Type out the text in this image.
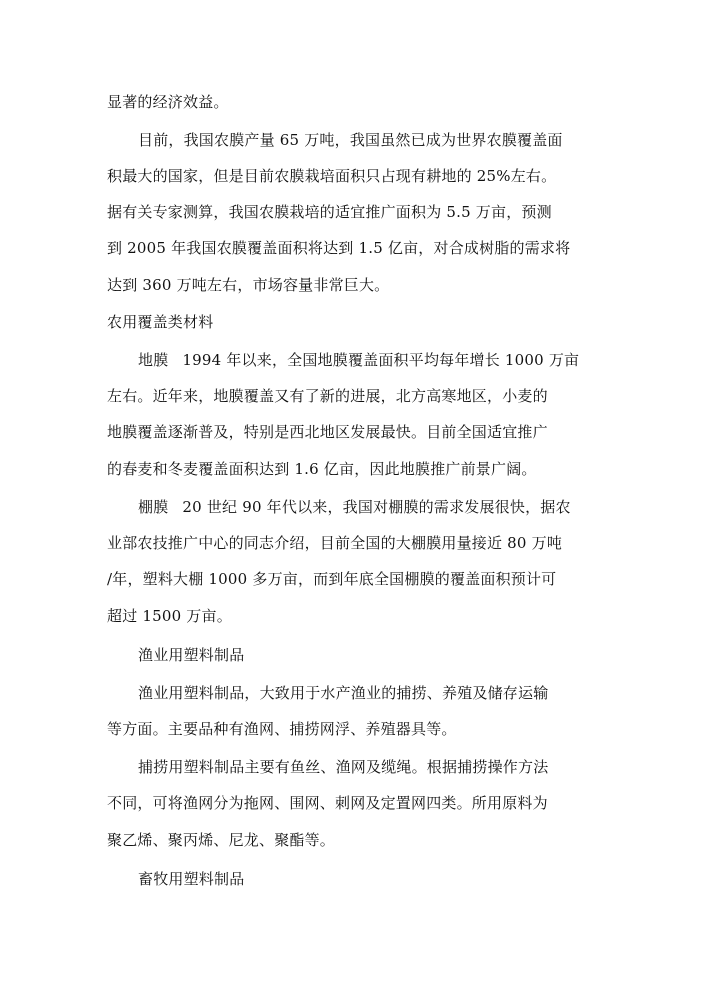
显著的经济效益。
目前，我国农膜产量 65 万吨，我国虽然已成为世界农膜覆盖面
积最大的国家，但是目前农膜栽培面积只占现有耕地的 25%左右。
据有关专家测算，我国农膜栽培的适宜推广面积为 5.5 万亩，预测
到 2005 年我国农膜覆盖面积将达到 1.5 亿亩，对合成树脂的需求将
达到 360 万吨左右，市场容量非常巨大。
农用覆盖类材料
地膜 1994 年以来，全国地膜覆盖面积平均每年增长 1000 万亩
左右。近年来，地膜覆盖又有了新的进展，北方高寒地区，小麦的
地膜覆盖逐渐普及，特别是西北地区发展最快。目前全国适宜推广
的春麦和冬麦覆盖面积达到 1.6 亿亩，因此地膜推广前景广阔。
棚膜 20 世纪 90 年代以来，我国对棚膜的需求发展很快，据农
业部农技推广中心的同志介绍，目前全国的大棚膜用量接近 80 万吨
/年，塑料大棚 1000 多万亩，而到年底全国棚膜的覆盖面积预计可
超过 1500 万亩。
渔业用塑料制品
渔业用塑料制品，大致用于水产渔业的捕捞、养殖及储存运输
等方面。主要品种有渔网、捕捞网浮、养殖器具等。
捕捞用塑料制品主要有鱼丝、渔网及缆绳。根据捕捞操作方法
不同，可将渔网分为拖网、围网、刺网及定置网四类。所用原料为
聚乙烯、聚丙烯、尼龙、聚酯等。
畜牧用塑料制品
